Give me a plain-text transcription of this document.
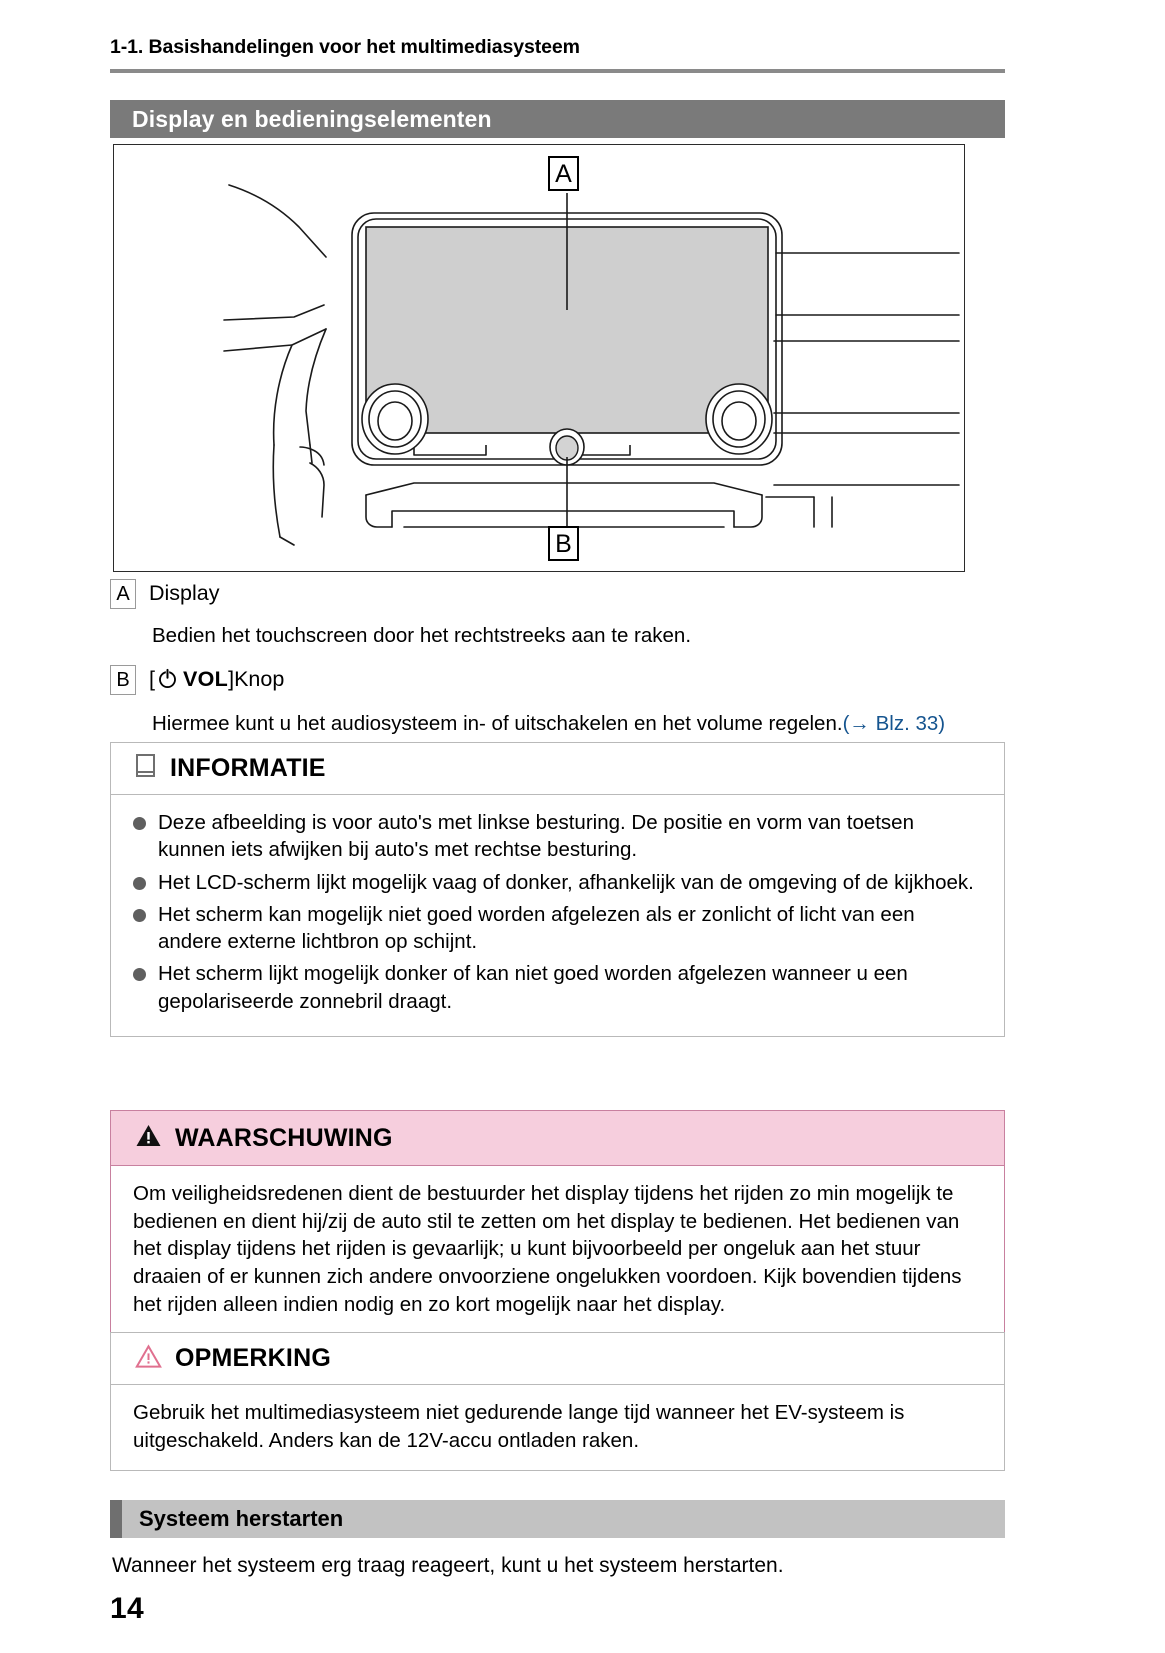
1-1. Basishandelingen voor het multimediasysteem
Display en bedieningselementen
A
B
A Display
Bedien het touchscreen door het rechtstreeks aan te raken.
B [ VOL]Knop
Hiermee kunt u het audiosysteem in- of uitschakelen en het volume regelen.(→ Blz. 33)
INFORMATIE
Deze afbeelding is voor auto's met linkse besturing. De positie en vorm van toetsen kunnen iets afwijken bij auto's met rechtse besturing.
Het LCD-scherm lijkt mogelijk vaag of donker, afhankelijk van de omgeving of de kijkhoek.
Het scherm kan mogelijk niet goed worden afgelezen als er zonlicht of licht van een andere externe lichtbron op schijnt.
Het scherm lijkt mogelijk donker of kan niet goed worden afgelezen wanneer u een gepolariseerde zonnebril draagt.
WAARSCHUWING
Om veiligheidsredenen dient de bestuurder het display tijdens het rijden zo min mogelijk te bedienen en dient hij/zij de auto stil te zetten om het display te bedienen. Het bedienen van het display tijdens het rijden is gevaarlijk; u kunt bijvoorbeeld per ongeluk aan het stuur draaien of er kunnen zich andere onvoorziene ongelukken voordoen. Kijk bovendien tijdens het rijden alleen indien nodig en zo kort mogelijk naar het display.
OPMERKING
Gebruik het multimediasysteem niet gedurende lange tijd wanneer het EV-systeem is uitgeschakeld. Anders kan de 12V-accu ontladen raken.
Systeem herstarten
Wanneer het systeem erg traag reageert, kunt u het systeem herstarten.
14
